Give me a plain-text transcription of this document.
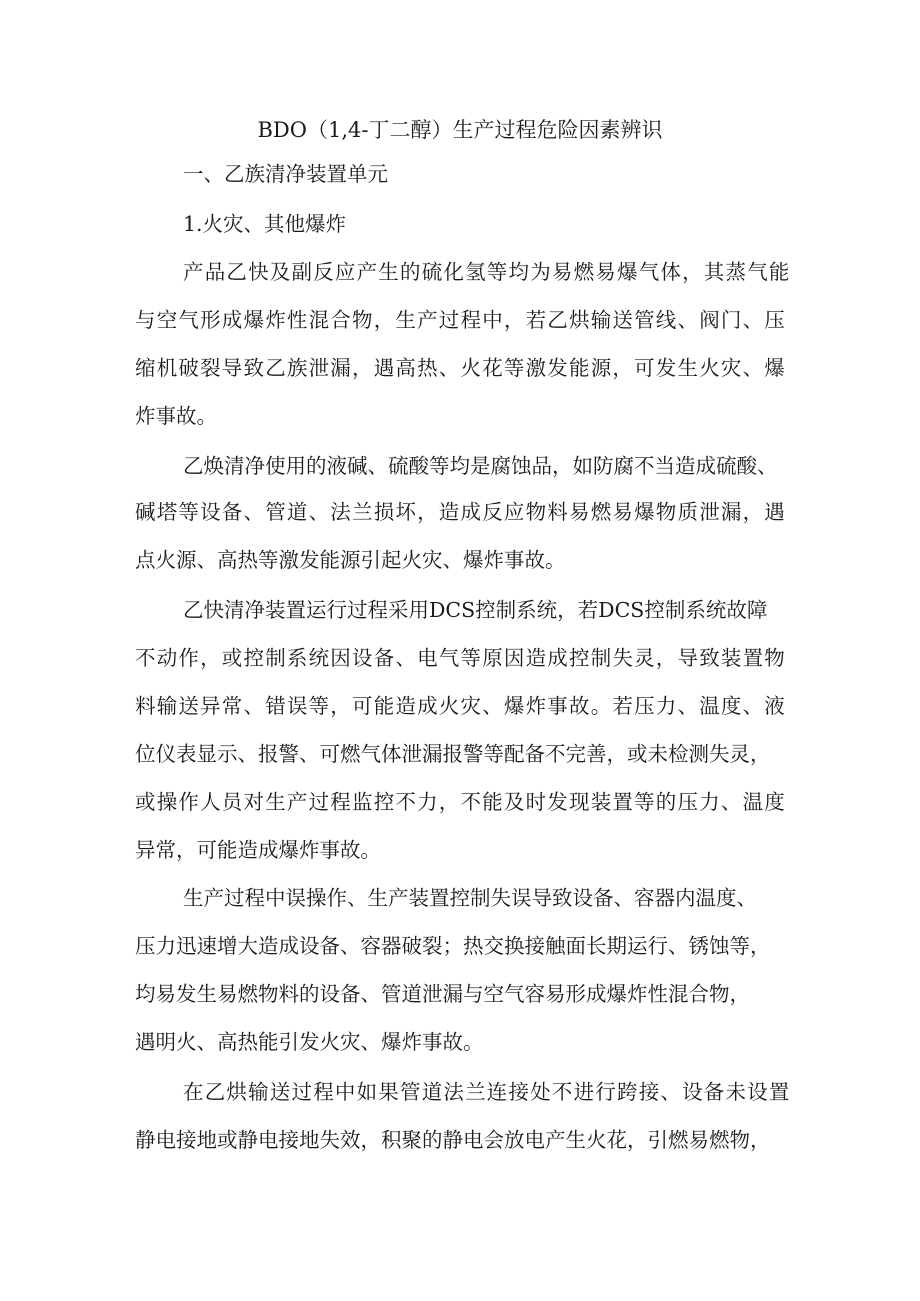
BDO（1,4-丁二醇）生产过程危险因素辨识

一、乙族清净装置单元

1.火灾、其他爆炸

产品乙快及副反应产生的硫化氢等均为易燃易爆气体，其蒸气能

与空气形成爆炸性混合物，生产过程中，若乙烘输送管线、阀门、压

缩机破裂导致乙族泄漏，遇高热、火花等激发能源，可发生火灾、爆

炸事故。

乙焕清净使用的液碱、硫酸等均是腐蚀品，如防腐不当造成硫酸、

碱塔等设备、管道、法兰损坏，造成反应物料易燃易爆物质泄漏，遇

点火源、高热等激发能源引起火灾、爆炸事故。

乙快清净装置运行过程采用DCS控制系统，若DCS控制系统故障

不动作，或控制系统因设备、电气等原因造成控制失灵，导致装置物

料输送异常、错误等，可能造成火灾、爆炸事故。若压力、温度、液

位仪表显示、报警、可燃气体泄漏报警等配备不完善，或未检测失灵，

或操作人员对生产过程监控不力，不能及时发现装置等的压力、温度

异常，可能造成爆炸事故。

生产过程中误操作、生产装置控制失误导致设备、容器内温度、

压力迅速增大造成设备、容器破裂；热交换接触面长期运行、锈蚀等，

均易发生易燃物料的设备、管道泄漏与空气容易形成爆炸性混合物，

遇明火、高热能引发火灾、爆炸事故。

在乙烘输送过程中如果管道法兰连接处不进行跨接、设备未设置

静电接地或静电接地失效，积聚的静电会放电产生火花，引燃易燃物，
